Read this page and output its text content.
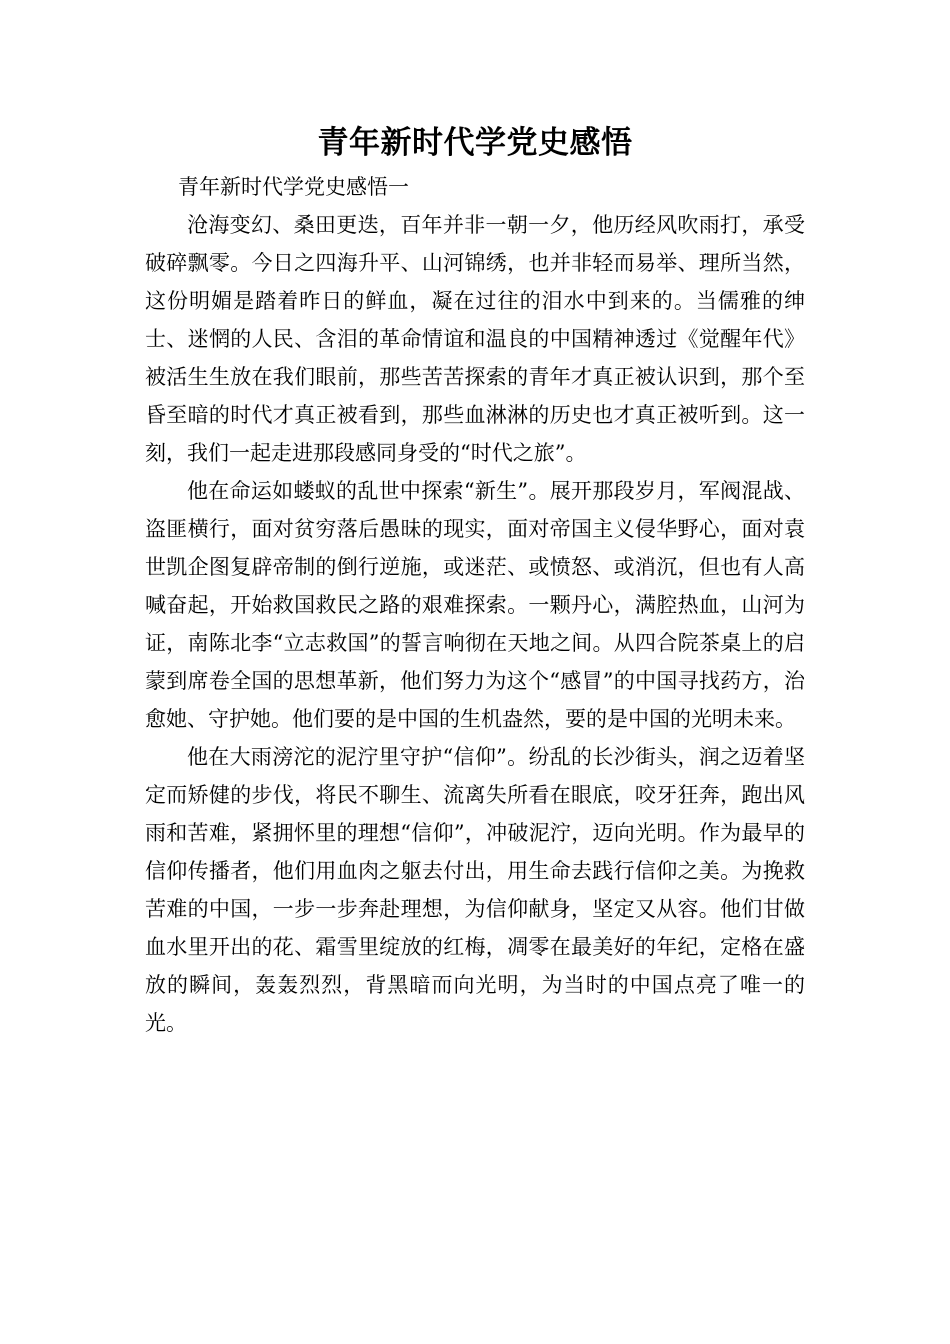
青年新时代学党史感悟

青年新时代学党史感悟一

沧海变幻、桑田更迭，百年并非一朝一夕，他历经风吹雨打，承受破碎飘零。今日之四海升平、山河锦绣，也并非轻而易举、理所当然，这份明媚是踏着昨日的鲜血，凝在过往的泪水中到来的。当儒雅的绅士、迷惘的人民、含泪的革命情谊和温良的中国精神透过《觉醒年代》被活生生放在我们眼前，那些苦苦探索的青年才真正被认识到，那个至昏至暗的时代才真正被看到，那些血淋淋的历史也才真正被听到。这一刻，我们一起走进那段感同身受的“时代之旅”。

他在命运如蝼蚁的乱世中探索“新生”。展开那段岁月，军阀混战、盗匪横行，面对贫穷落后愚昧的现实，面对帝国主义侵华野心，面对袁世凯企图复辟帝制的倒行逆施，或迷茫、或愤怒、或消沉，但也有人高喊奋起，开始救国救民之路的艰难探索。一颗丹心，满腔热血，山河为证，南陈北李“立志救国”的誓言响彻在天地之间。从四合院茶桌上的启蒙到席卷全国的思想革新，他们努力为这个“感冒”的中国寻找药方，治愈她、守护她。他们要的是中国的生机盎然，要的是中国的光明未来。

他在大雨滂沱的泥泞里守护“信仰”。纷乱的长沙街头，润之迈着坚定而矫健的步伐，将民不聊生、流离失所看在眼底，咬牙狂奔，跑出风雨和苦难，紧拥怀里的理想“信仰”，冲破泥泞，迈向光明。作为最早的信仰传播者，他们用血肉之躯去付出，用生命去践行信仰之美。为挽救苦难的中国，一步一步奔赴理想，为信仰献身，坚定又从容。他们甘做血水里开出的花、霜雪里绽放的红梅，凋零在最美好的年纪，定格在盛放的瞬间，轰轰烈烈，背黑暗而向光明，为当时的中国点亮了唯一的光。
